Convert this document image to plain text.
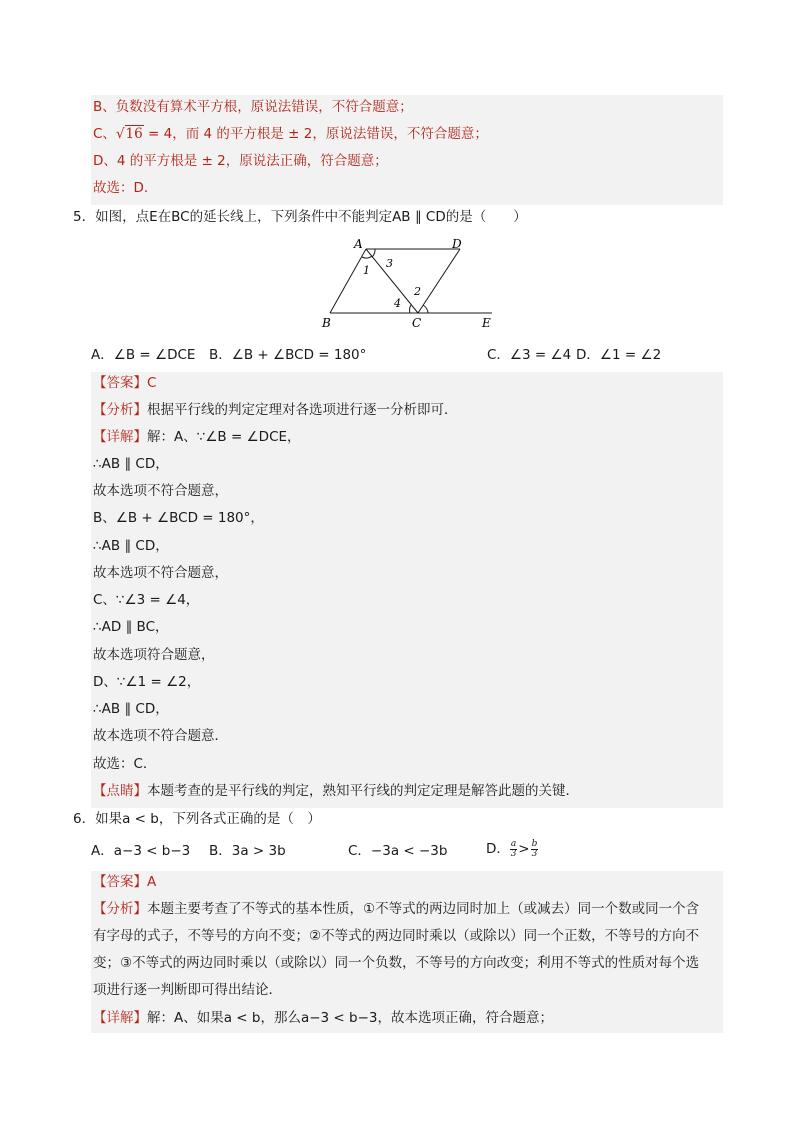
B、负数没有算术平方根，原说法错误，不符合题意；
C、√16 = 4，而 4 的平方根是 ± 2，原说法错误，不符合题意；
D、4 的平方根是 ± 2，原说法正确，符合题意；
故选：D．
5．如图，点E在BC的延长线上，下列条件中不能判定AB ∥ CD的是（　　）
A	D
B	C	E
1
3
4
2
A．∠B = ∠DCE B．∠B + ∠BCD = 180°	C．∠3 = ∠4 D．∠1 = ∠2
【答案】C
【分析】根据平行线的判定定理对各选项进行逐一分析即可．
【详解】解：A、∵∠B = ∠DCE，
∴AB ∥ CD，
故本选项不符合题意，
B、∠B + ∠BCD = 180°，
∴AB ∥ CD，
故本选项不符合题意，
C、∵∠3 = ∠4，
∴AD ∥ BC，
故本选项符合题意，
D、∵∠1 = ∠2，
∴AB ∥ CD，
故本选项不符合题意．
故选：C．
【点睛】本题考查的是平行线的判定，熟知平行线的判定定理是解答此题的关键．
6．如果a < b，下列各式正确的是（　）
A．a−3 < b−3 B．3a > 3b	C．−3a < −3b	D． $\frac{a}{3} > \frac{b}{3}$
【答案】A
【分析】本题主要考查了不等式的基本性质，①不等式的两边同时加上（或减去）同一个数或同一个含
有字母的式子，不等号的方向不变；②不等式的两边同时乘以（或除以）同一个正数，不等号的方向不
变；③不等式的两边同时乘以（或除以）同一个负数，不等号的方向改变；利用不等式的性质对每个选
项进行逐一判断即可得出结论．
【详解】解：A、如果a < b，那么a−3 < b−3，故本选项正确，符合题意；
